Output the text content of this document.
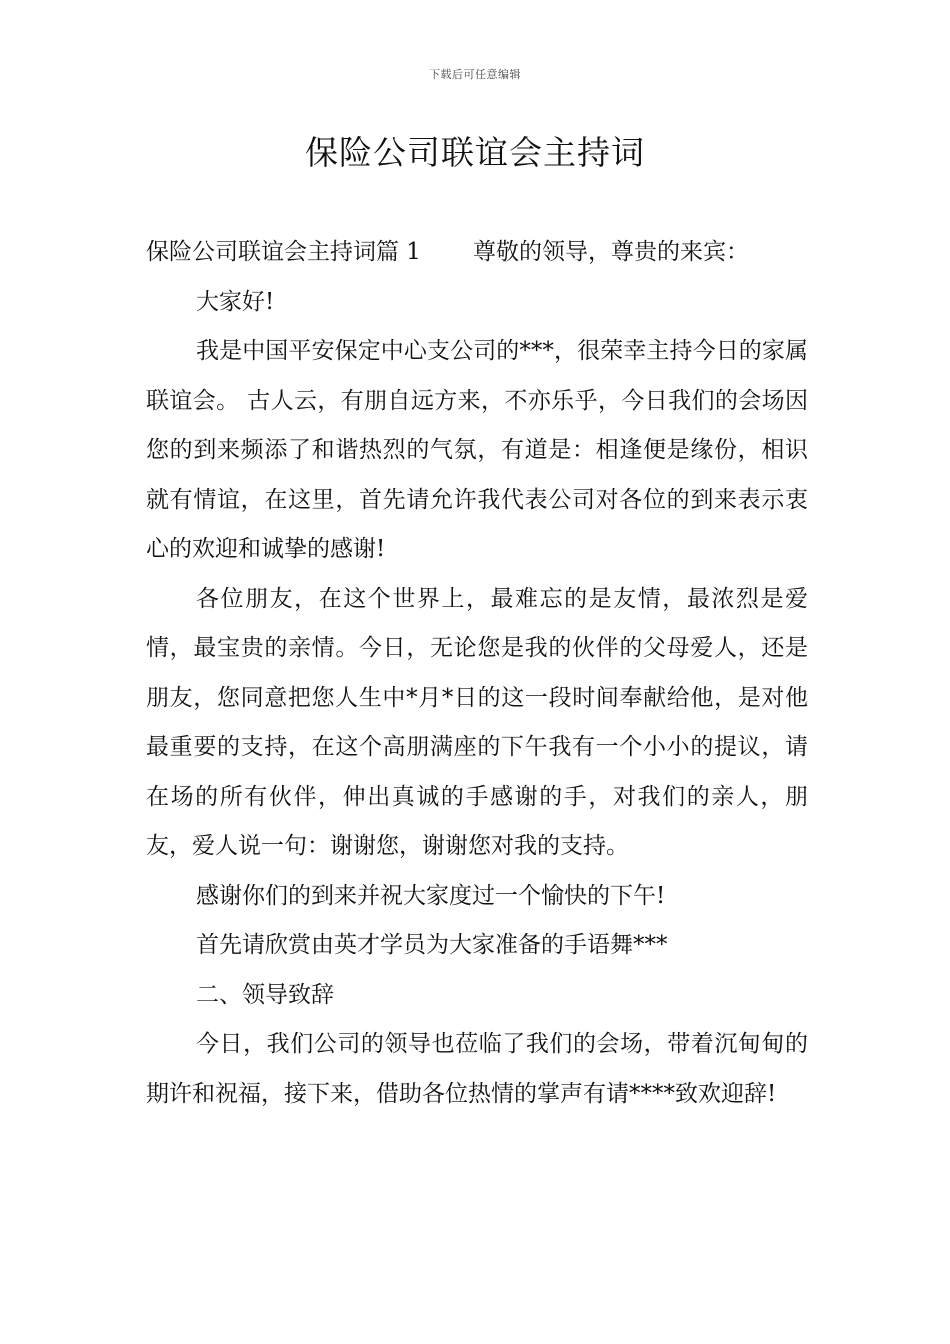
下载后可任意编辑
保险公司联谊会主持词

保险公司联谊会主持词篇 1 尊敬的领导，尊贵的来宾：

大家好!

我是中国平安保定中心支公司的***，很荣幸主持今日的家属联谊会。 古人云，有朋自远方来，不亦乐乎，今日我们的会场因您的到来频添了和谐热烈的气氛，有道是：相逢便是缘份，相识就有情谊，在这里，首先请允许我代表公司对各位的到来表示衷心的欢迎和诚挚的感谢!

各位朋友，在这个世界上，最难忘的是友情，最浓烈是爱情，最宝贵的亲情。今日，无论您是我的伙伴的父母爱人，还是朋友，您同意把您人生中*月*日的这一段时间奉献给他，是对他最重要的支持，在这个高朋满座的下午我有一个小小的提议，请在场的所有伙伴，伸出真诚的手感谢的手，对我们的亲人，朋友，爱人说一句：谢谢您，谢谢您对我的支持。

感谢你们的到来并祝大家度过一个愉快的下午!

首先请欣赏由英才学员为大家准备的手语舞***

二、领导致辞

今日，我们公司的领导也莅临了我们的会场，带着沉甸甸的期许和祝福，接下来，借助各位热情的掌声有请****致欢迎辞!
